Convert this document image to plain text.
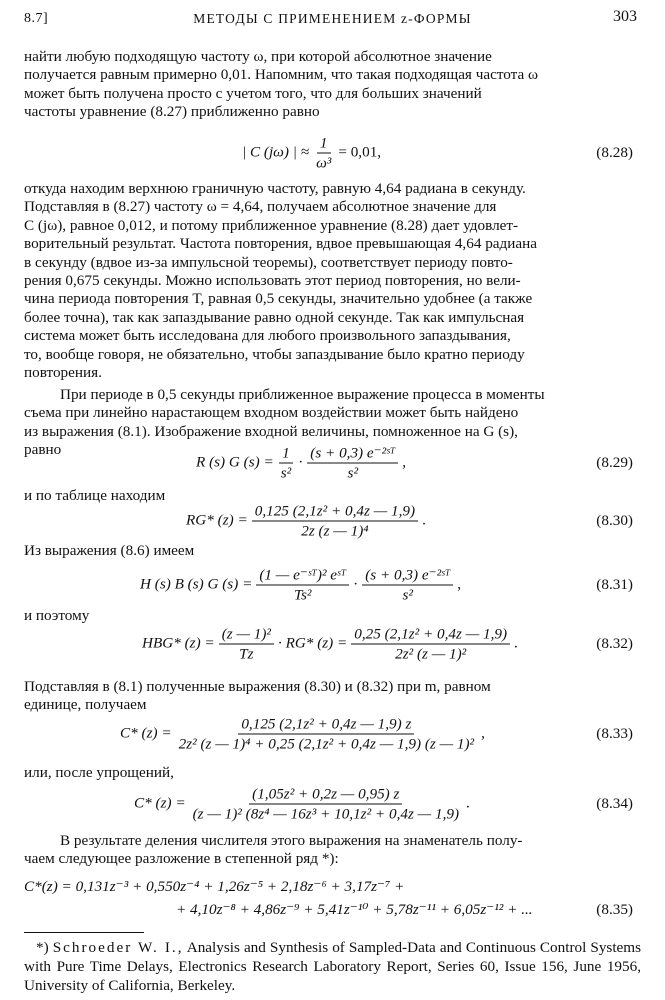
8.7]	МЕТОДЫ С ПРИМЕНЕНИЕМ z-ФОРМЫ	303
найти любую подходящую частоту ω, при которой абсолютное значение
получается равным примерно 0,01. Напомним, что такая подходящая частота ω
может быть получена просто с учетом того, что для больших значений
частоты уравнение (8.27) приближенно равно
| C (jω) | ≈ $\frac{1}{\text{ω³}} = 0,01$,	(8.28)
откуда находим верхнюю граничную частоту, равную 4,64 радиана в секунду.
Подставляя в (8.27) частоту ω = 4,64, получаем абсолютное значение для
C (jω), равное 0,012, и потому приближенное уравнение (8.28) дает удовлет-
ворительный результат. Частота повторения, вдвое превышающая 4,64 радиана
в секунду (вдвое из-за импульсной теоремы), соответствует периоду повто-
рения 0,675 секунды. Можно использовать этот период повторения, но вели-
чина периода повторения T, равная 0,5 секунды, значительно удобнее (а также
более точна), так как запаздывание равно одной секунде. Так как импульсная
система может быть исследована для любого произвольного запаздывания,
то, вообще говоря, не обязательно, чтобы запаздывание было кратно периоду
повторения.
При периоде в 0,5 секунды приближенное выражение процесса в моменты
съема при линейно нарастающем входном воздействии может быть найдено
из выражения (8.1). Изображение входной величины, помноженное на G (s),
равно
R (s) G $(s) = \frac{1}{\text{s²}} \cdot \frac{\text{(s + 0,3) e⁻²ˢᵀ}}{\text{s²}}$ ,	(8.29)
и по таблице находим
RG* $(z) = \frac{\text{0,125 (2,1z² + 0,4z — 1,9)}}{\text{2z (z — 1)⁴}}$ .	(8.30)
Из выражения (8.6) имеем
H (s) B (s) G $(s) = \frac{\text{(1 — e⁻ˢᵀ)² eˢᵀ}}{\text{Ts²}} \cdot \frac{\text{(s + 0,3) e⁻²ˢᵀ}}{\text{s²}}$ ,	(8.31)
и поэтому
HBG* $(z) = \frac{\text{(z — 1)²}}{Tz} \cdot RG*$ $(z) = \frac{\text{0,25 (2,1z² + 0,4z — 1,9)}}{\text{2z² (z — 1)²}}$ .	(8.32)
Подставляя в (8.1) полученные выражения (8.30) и (8.32) при m, равном
единице, получаем
C* $(z) = \frac{\text{0,125 (2,1z² + 0,4z — 1,9) z}}{\text{2z² (z — 1)⁴ + 0,25 (2,1z² + 0,4z — 1,9) (z — 1)²}}$ ,	(8.33)
или, после упрощений,
C* $(z) = \frac{\text{(1,05z² + 0,2z — 0,95) z}}{\text{(z — 1)² (8z⁴ — 16z³ + 10,1z² + 0,4z — 1,9)}}$ .	(8.34)
В результате деления числителя этого выражения на знаменатель полу-
чаем следующее разложение в степенной ряд *):
C*(z) = 0,131z⁻³ + 0,550z⁻⁴ + 1,26z⁻⁵ + 2,18z⁻⁶ + 3,17z⁻⁷ +
+ 4,10z⁻⁸ + 4,86z⁻⁹ + 5,41z⁻¹⁰ + 5,78z⁻¹¹ + 6,05z⁻¹² + ...	(8.35)
*) Schroeder W. I., Analysis and Synthesis of Sampled-Data and Continuous Control Systems with Pure Time Delays, Electronics Research Laboratory Report, Series 60, Issue 156, June 1956, University of California, Berkeley.
